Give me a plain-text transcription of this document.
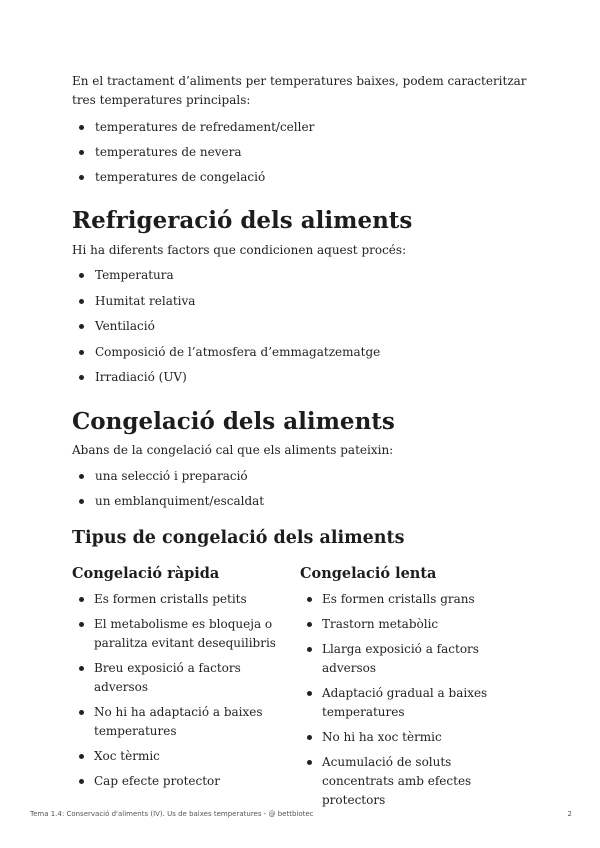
En el tractament d’aliments per temperatures baixes, podem caracteritzar tres temperatures principals:

temperatures de refredament/celler
temperatures de nevera
temperatures de congelació
Refrigeració dels aliments

Hi ha diferents factors que condicionen aquest procés:

Temperatura
Humitat relativa
Ventilació
Composició de l’atmosfera d’emmagatzematge
Irradiació (UV)
Congelació dels aliments

Abans de la congelació cal que els aliments pateixin:

una selecció i preparació
un emblanquiment/escaldat
Tipus de congelació dels aliments
Congelació ràpida
Es formen cristalls petits
El metabolisme es bloqueja o paralitza evitant desequilibris
Breu exposició a factors adversos
No hi ha adaptació a baixes temperatures
Xoc tèrmic
Cap efecte protector
Congelació lenta
Es formen cristalls grans
Trastorn metabòlic
Llarga exposició a factors adversos
Adaptació gradual a baixes temperatures
No hi ha xoc tèrmic
Acumulació de soluts concentrats amb efectes protectors
Tema 1.4: Conservació d'aliments (IV). Us de baixes temperatures - @ bettbiotec	2
